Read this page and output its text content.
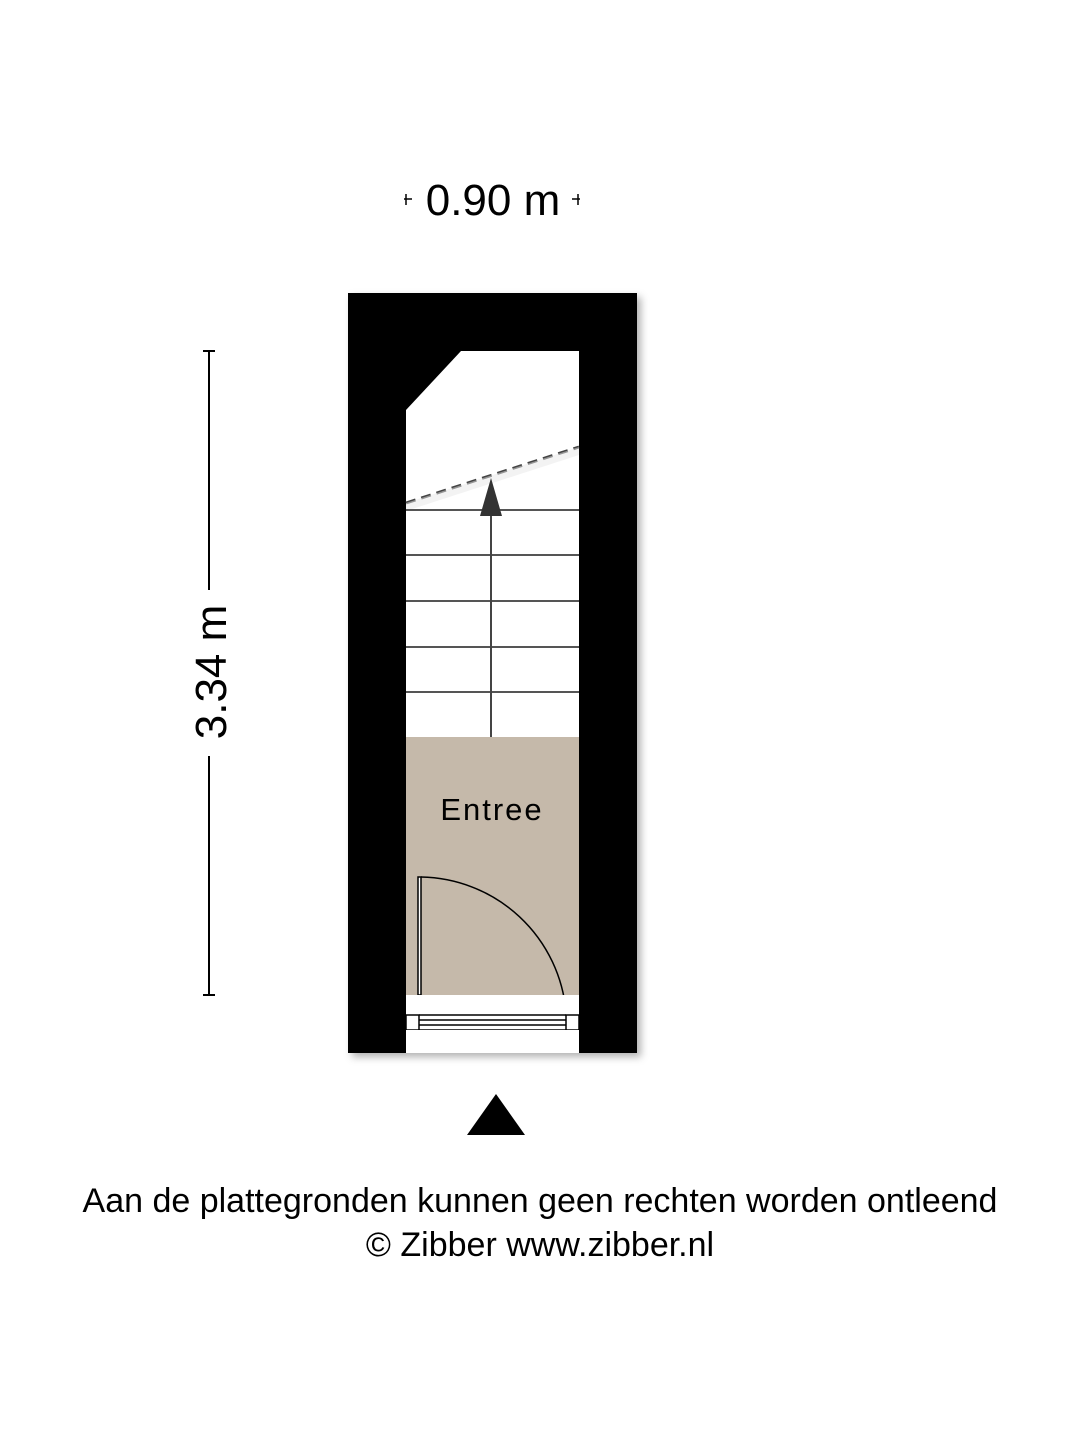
0.90 m
3.34 m
Entree
Aan de plattegronden kunnen geen rechten worden ontleend
© Zibber www.zibber.nl
